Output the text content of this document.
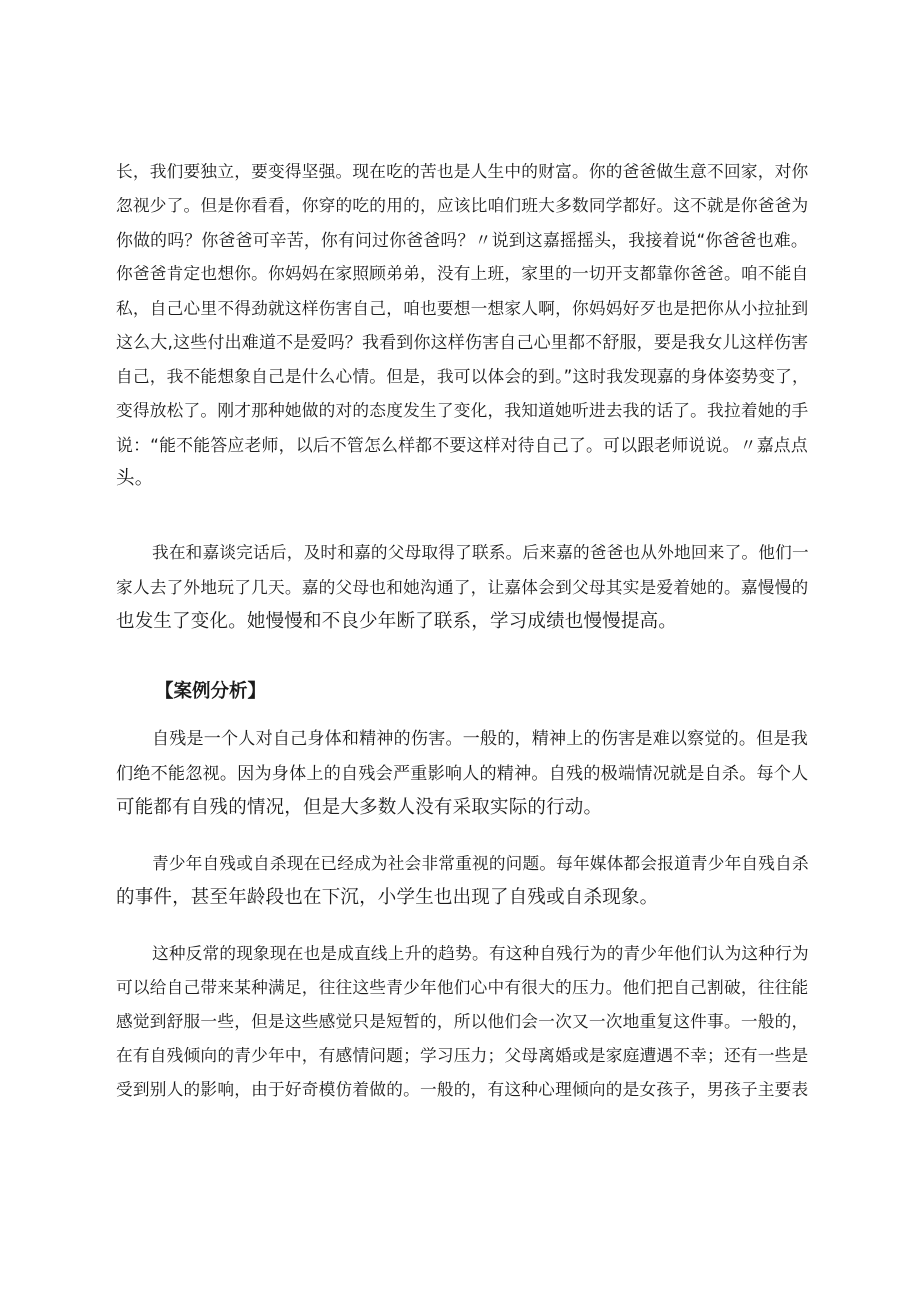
长，我们要独立，要变得坚强。现在吃的苦也是人生中的财富。你的爸爸做生意不回家，对你
忽视少了。但是你看看，你穿的吃的用的，应该比咱们班大多数同学都好。这不就是你爸爸为
你做的吗？你爸爸可辛苦，你有问过你爸爸吗？〃说到这嘉摇摇头，我接着说“你爸爸也难。
你爸爸肯定也想你。你妈妈在家照顾弟弟，没有上班，家里的一切开支都靠你爸爸。咱不能自
私，自己心里不得劲就这样伤害自己，咱也要想一想家人啊，你妈妈好歹也是把你从小拉扯到
这么大,这些付出难道不是爱吗？我看到你这样伤害自己心里都不舒服，要是我女儿这样伤害
自己，我不能想象自己是什么心情。但是，我可以体会的到。”这时我发现嘉的身体姿势变了，
变得放松了。刚才那种她做的对的态度发生了变化，我知道她听进去我的话了。我拉着她的手
说：“能不能答应老师，以后不管怎么样都不要这样对待自己了。可以跟老师说说。〃嘉点点
头。
我在和嘉谈完话后，及时和嘉的父母取得了联系。后来嘉的爸爸也从外地回来了。他们一
家人去了外地玩了几天。嘉的父母也和她沟通了，让嘉体会到父母其实是爱着她的。嘉慢慢的
也发生了变化。她慢慢和不良少年断了联系，学习成绩也慢慢提高。
【案例分析】
自残是一个人对自己身体和精神的伤害。一般的，精神上的伤害是难以察觉的。但是我
们绝不能忽视。因为身体上的自残会严重影响人的精神。自残的极端情况就是自杀。每个人
可能都有自残的情况，但是大多数人没有采取实际的行动。
青少年自残或自杀现在已经成为社会非常重视的问题。每年媒体都会报道青少年自残自杀
的事件，甚至年龄段也在下沉，小学生也出现了自残或自杀现象。
这种反常的现象现在也是成直线上升的趋势。有这种自残行为的青少年他们认为这种行为
可以给自己带来某种满足，往往这些青少年他们心中有很大的压力。他们把自己割破，往往能
感觉到舒服一些，但是这些感觉只是短暂的，所以他们会一次又一次地重复这件事。一般的，
在有自残倾向的青少年中，有感情问题；学习压力；父母离婚或是家庭遭遇不幸；还有一些是
受到别人的影响，由于好奇模仿着做的。一般的，有这种心理倾向的是女孩子，男孩子主要表
